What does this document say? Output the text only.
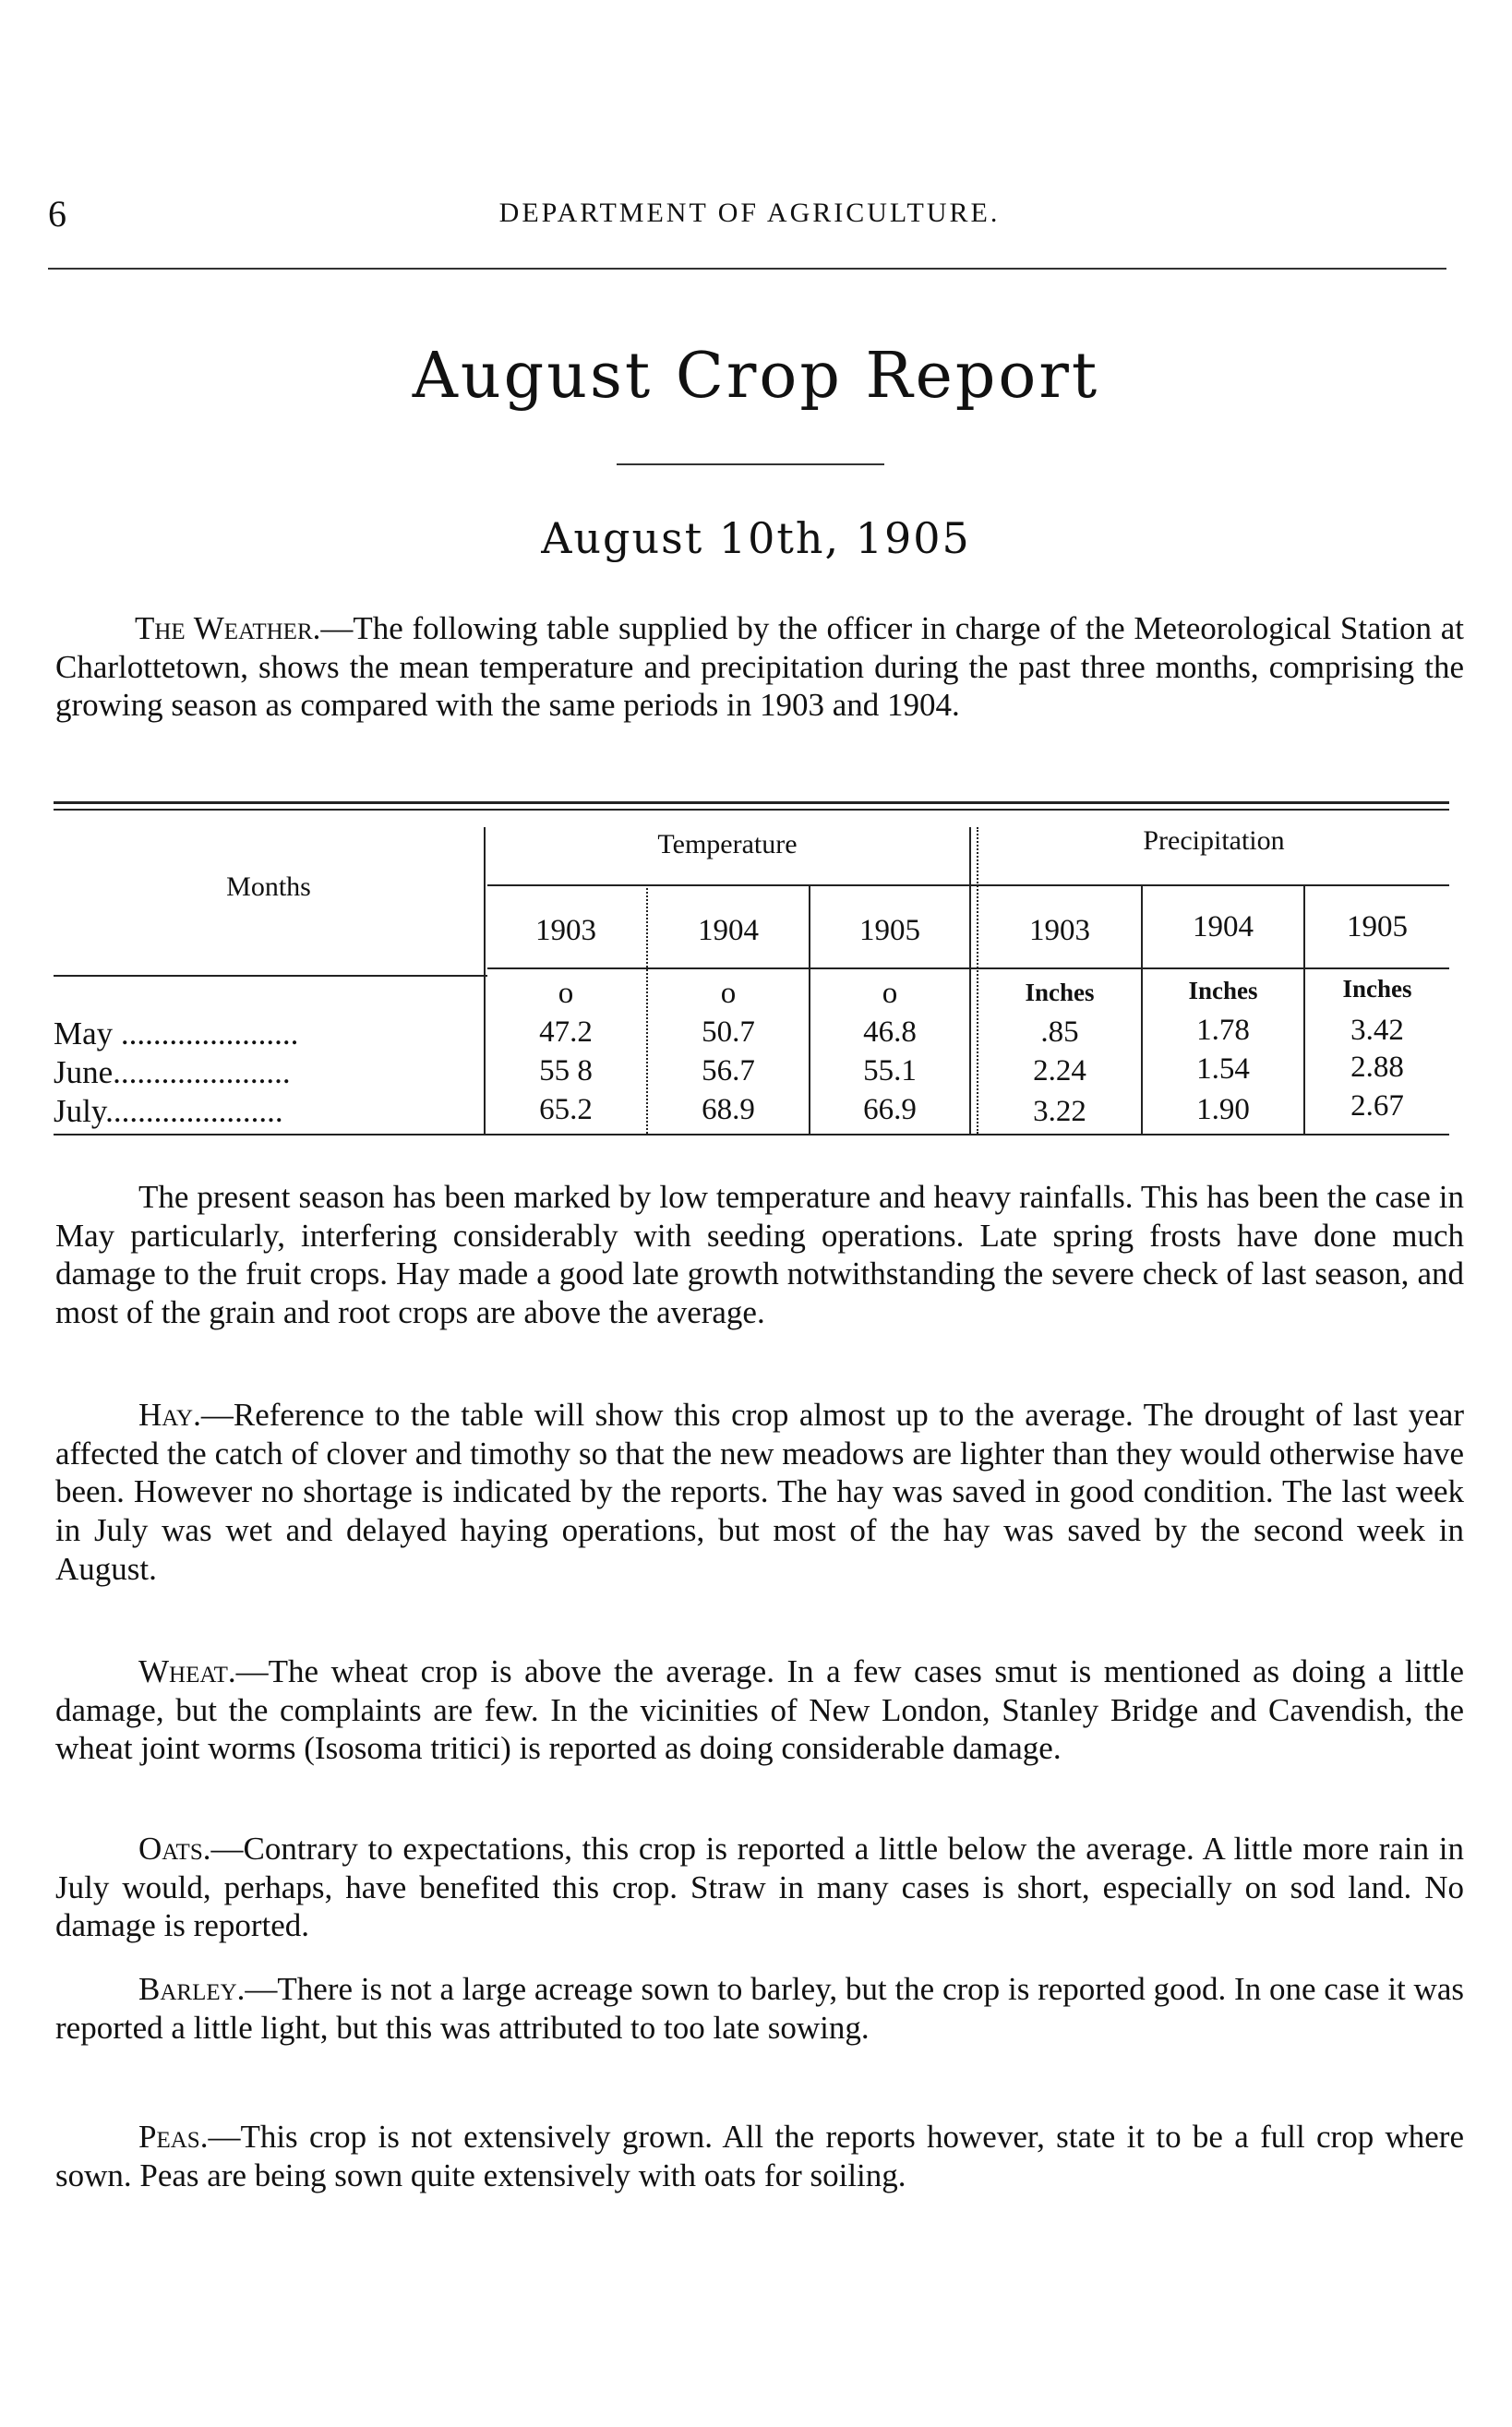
6	DEPARTMENT OF AGRICULTURE.
August Crop Report
August 10th, 1905

The Weather.—The following table supplied by the officer in charge of the Meteorological Station at Charlottetown, shows the mean temperature and precipitation during the past three months, comprising the growing season as compared with the same periods in 1903 and 1904.

Months
Temperature	Precipitation
1903	1904	1905	1903	1904	1905
o	o	o	Inches	Inches	Inches
May ......................	47.2	50.7	46.8	.85	1.78	3.42
June......................	55 8	56.7	55.1	2.24	1.54	2.88
July......................	65.2	68.9	66.9	3.22	1.90	2.67

The present season has been marked by low temperature and heavy rainfalls. This has been the case in May particularly, interfering considerably with seeding operations. Late spring frosts have done much damage to the fruit crops. Hay made a good late growth notwithstanding the severe check of last season, and most of the grain and root crops are above the average.

Hay.—Reference to the table will show this crop almost up to the average. The drought of last year affected the catch of clover and timothy so that the new meadows are lighter than they would otherwise have been. However no shortage is indicated by the reports. The hay was saved in good condition. The last week in July was wet and delayed haying operations, but most of the hay was saved by the second week in August.

Wheat.—The wheat crop is above the average. In a few cases smut is mentioned as doing a little damage, but the complaints are few. In the vicinities of New London, Stanley Bridge and Cavendish, the wheat joint worms (Isosoma tritici) is reported as doing considerable damage.

Oats.—Contrary to expectations, this crop is reported a little below the average. A little more rain in July would, perhaps, have benefited this crop. Straw in many cases is short, especially on sod land. No damage is reported.

Barley.—There is not a large acreage sown to barley, but the crop is reported good. In one case it was reported a little light, but this was attributed to too late sowing.

Peas.—This crop is not extensively grown. All the reports however, state it to be a full crop where sown. Peas are being sown quite extensively with oats for soiling.
